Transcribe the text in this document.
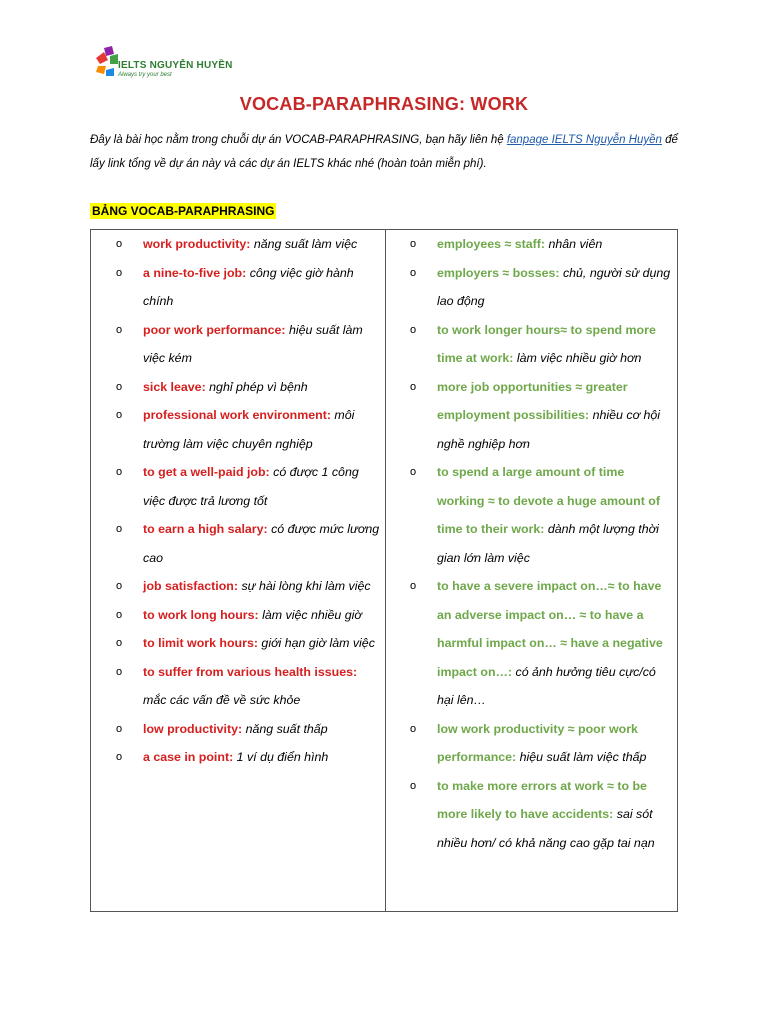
IELTS NGUYỄN HUYỀN
Always try your best
VOCAB-PARAPHRASING: WORK
Đây là bài học nằm trong chuỗi dự án VOCAB-PARAPHRASING, bạn hãy liên hệ fanpage IELTS Nguyễn Huyền để lấy link tổng về dự án này và các dự án IELTS khác nhé (hoàn toàn miễn phí).
BẢNG VOCAB-PARAPHRASING
o work productivity: năng suất làm việc
o a nine-to-five job: công việc giờ hành chính
o poor work performance: hiệu suất làm việc kém
o sick leave: nghỉ phép vì bệnh
o professional work environment: môi trường làm việc chuyên nghiệp
o to get a well-paid job: có được 1 công việc được trả lương tốt
o to earn a high salary: có được mức lương cao
o job satisfaction: sự hài lòng khi làm việc
o to work long hours: làm việc nhiều giờ
o to limit work hours: giới hạn giờ làm việc
o to suffer from various health issues: mắc các vấn đề về sức khỏe
o low productivity: năng suất thấp
o a case in point: 1 ví dụ điển hình
o employees ≈ staff: nhân viên
o employers ≈ bosses: chủ, người sử dụng lao động
o to work longer hours≈ to spend more time at work: làm việc nhiều giờ hơn
o more job opportunities ≈ greater employment possibilities: nhiều cơ hội nghề nghiệp hơn
o to spend a large amount of time working ≈ to devote a huge amount of time to their work: dành một lượng thời gian lớn làm việc
o to have a severe impact on…≈ to have an adverse impact on… ≈ to have a harmful impact on… ≈ have a negative impact on…: có ảnh hưởng tiêu cực/có hại lên…
o low work productivity ≈ poor work performance: hiệu suất làm việc thấp
o to make more errors at work ≈ to be more likely to have accidents: sai sót nhiều hơn/ có khả năng cao gặp tai nạn
